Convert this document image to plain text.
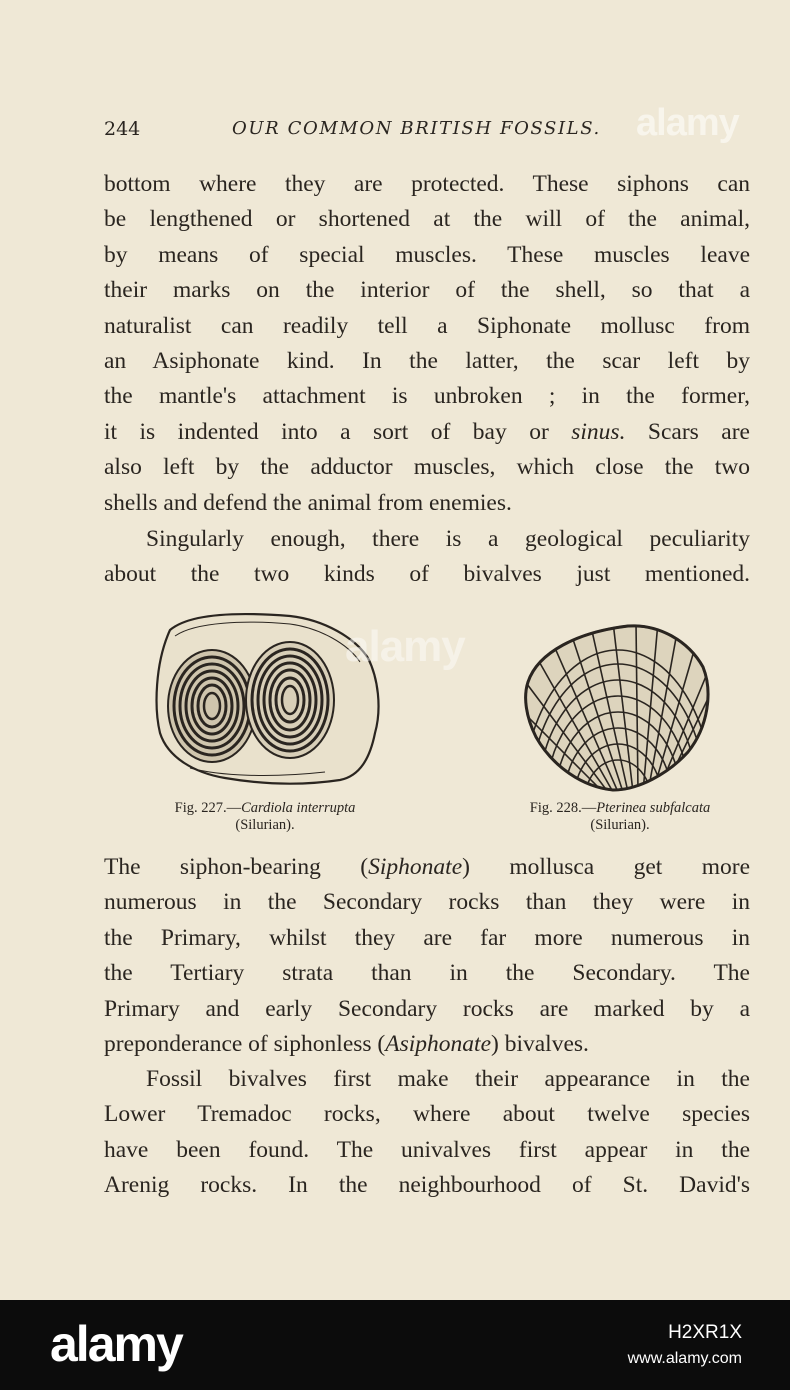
alamy
244	OUR COMMON BRITISH FOSSILS.
bottom where they are protected. These siphons can
be lengthened or shortened at the will of the animal,
by means of special muscles. These muscles leave
their marks on the interior of the shell, so that a
naturalist can readily tell a Siphonate mollusc from
an Asiphonate kind. In the latter, the scar left by
the mantle's attachment is unbroken ; in the former,
it is indented into a sort of bay or sinus. Scars are
also left by the adductor muscles, which close the two
shells and defend the animal from enemies.
Singularly enough, there is a geological peculiarity
about the two kinds of bivalves just mentioned.
Fig. 227.—Cardiola interrupta
(Silurian).
alamy
Fig. 228.—Pterinea subfalcata
(Silurian).
The siphon-bearing (Siphonate) mollusca get more
numerous in the Secondary rocks than they were in
the Primary, whilst they are far more numerous in
the Tertiary strata than in the Secondary. The
Primary and early Secondary rocks are marked by a
preponderance of siphonless (Asiphonate) bivalves.
Fossil bivalves first make their appearance in the
Lower Tremadoc rocks, where about twelve species
have been found. The univalves first appear in the
Arenig rocks. In the neighbourhood of St. David's
alamy	H2XR1X
www.alamy.com
